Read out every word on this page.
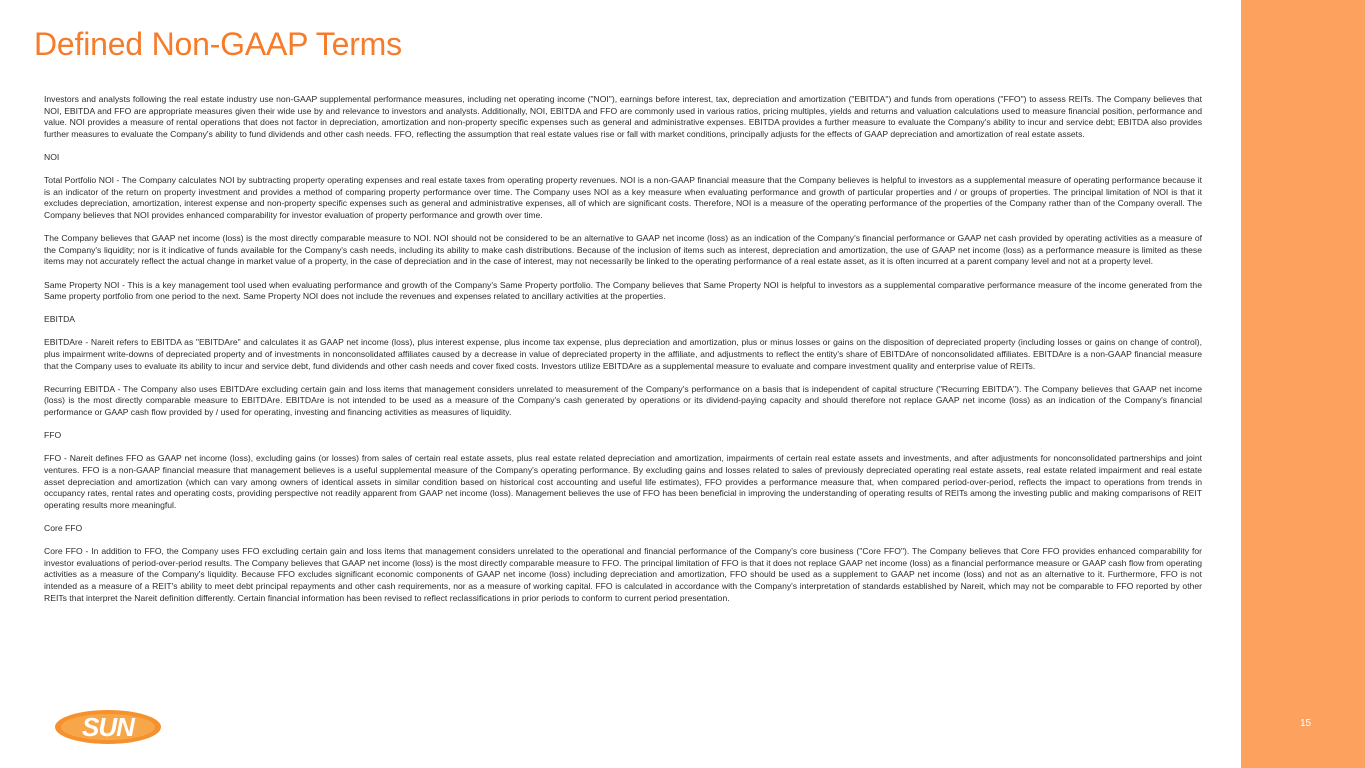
Defined Non-GAAP Terms

Investors and analysts following the real estate industry use non-GAAP supplemental performance measures, including net operating income ("NOI"), earnings before interest, tax, depreciation and amortization ("EBITDA") and funds from operations ("FFO") to assess REITs. The Company believes that NOI, EBITDA and FFO are appropriate measures given their wide use by and relevance to investors and analysts. Additionally, NOI, EBITDA and FFO are commonly used in various ratios, pricing multiples, yields and returns and valuation calculations used to measure financial position, performance and value. NOI provides a measure of rental operations that does not factor in depreciation, amortization and non-property specific expenses such as general and administrative expenses. EBITDA provides a further measure to evaluate the Company's ability to incur and service debt; EBITDA also provides further measures to evaluate the Company's ability to fund dividends and other cash needs. FFO, reflecting the assumption that real estate values rise or fall with market conditions, principally adjusts for the effects of GAAP depreciation and amortization of real estate assets.

NOI

Total Portfolio NOI - The Company calculates NOI by subtracting property operating expenses and real estate taxes from operating property revenues. NOI is a non-GAAP financial measure that the Company believes is helpful to investors as a supplemental measure of operating performance because it is an indicator of the return on property investment and provides a method of comparing property performance over time. The Company uses NOI as a key measure when evaluating performance and growth of particular properties and / or groups of properties. The principal limitation of NOI is that it excludes depreciation, amortization, interest expense and non-property specific expenses such as general and administrative expenses, all of which are significant costs. Therefore, NOI is a measure of the operating performance of the properties of the Company rather than of the Company overall. The Company believes that NOI provides enhanced comparability for investor evaluation of property performance and growth over time.

The Company believes that GAAP net income (loss) is the most directly comparable measure to NOI. NOI should not be considered to be an alternative to GAAP net income (loss) as an indication of the Company's financial performance or GAAP net cash provided by operating activities as a measure of the Company's liquidity; nor is it indicative of funds available for the Company's cash needs, including its ability to make cash distributions. Because of the inclusion of items such as interest, depreciation and amortization, the use of GAAP net income (loss) as a performance measure is limited as these items may not accurately reflect the actual change in market value of a property, in the case of depreciation and in the case of interest, may not necessarily be linked to the operating performance of a real estate asset, as it is often incurred at a parent company level and not at a property level.

Same Property NOI - This is a key management tool used when evaluating performance and growth of the Company's Same Property portfolio. The Company believes that Same Property NOI is helpful to investors as a supplemental comparative performance measure of the income generated from the Same property portfolio from one period to the next. Same Property NOI does not include the revenues and expenses related to ancillary activities at the properties.

EBITDA

EBITDAre - Nareit refers to EBITDA as "EBITDAre" and calculates it as GAAP net income (loss), plus interest expense, plus income tax expense, plus depreciation and amortization, plus or minus losses or gains on the disposition of depreciated property (including losses or gains on change of control), plus impairment write-downs of depreciated property and of investments in nonconsolidated affiliates caused by a decrease in value of depreciated property in the affiliate, and adjustments to reflect the entity's share of EBITDAre of nonconsolidated affiliates. EBITDAre is a non-GAAP financial measure that the Company uses to evaluate its ability to incur and service debt, fund dividends and other cash needs and cover fixed costs. Investors utilize EBITDAre as a supplemental measure to evaluate and compare investment quality and enterprise value of REITs.

Recurring EBITDA - The Company also uses EBITDAre excluding certain gain and loss items that management considers unrelated to measurement of the Company's performance on a basis that is independent of capital structure ("Recurring EBITDA"). The Company believes that GAAP net income (loss) is the most directly comparable measure to EBITDAre. EBITDAre is not intended to be used as a measure of the Company's cash generated by operations or its dividend-paying capacity and should therefore not replace GAAP net income (loss) as an indication of the Company's financial performance or GAAP cash flow provided by / used for operating, investing and financing activities as measures of liquidity.

FFO

FFO - Nareit defines FFO as GAAP net income (loss), excluding gains (or losses) from sales of certain real estate assets, plus real estate related depreciation and amortization, impairments of certain real estate assets and investments, and after adjustments for nonconsolidated partnerships and joint ventures. FFO is a non-GAAP financial measure that management believes is a useful supplemental measure of the Company's operating performance. By excluding gains and losses related to sales of previously depreciated operating real estate assets, real estate related impairment and real estate asset depreciation and amortization (which can vary among owners of identical assets in similar condition based on historical cost accounting and useful life estimates), FFO provides a performance measure that, when compared period-over-period, reflects the impact to operations from trends in occupancy rates, rental rates and operating costs, providing perspective not readily apparent from GAAP net income (loss). Management believes the use of FFO has been beneficial in improving the understanding of operating results of REITs among the investing public and making comparisons of REIT operating results more meaningful.

Core FFO

Core FFO - In addition to FFO, the Company uses FFO excluding certain gain and loss items that management considers unrelated to the operational and financial performance of the Company's core business ("Core FFO"). The Company believes that Core FFO provides enhanced comparability for investor evaluations of period-over-period results. The Company believes that GAAP net income (loss) is the most directly comparable measure to FFO. The principal limitation of FFO is that it does not replace GAAP net income (loss) as a financial performance measure or GAAP cash flow from operating activities as a measure of the Company's liquidity. Because FFO excludes significant economic components of GAAP net income (loss) including depreciation and amortization, FFO should be used as a supplement to GAAP net income (loss) and not as an alternative to it. Furthermore, FFO is not intended as a measure of a REIT's ability to meet debt principal repayments and other cash requirements, nor as a measure of working capital. FFO is calculated in accordance with the Company's interpretation of standards established by Nareit, which may not be comparable to FFO reported by other REITs that interpret the Nareit definition differently. Certain financial information has been revised to reflect reclassifications in prior periods to conform to current period presentation.

SUN	15
